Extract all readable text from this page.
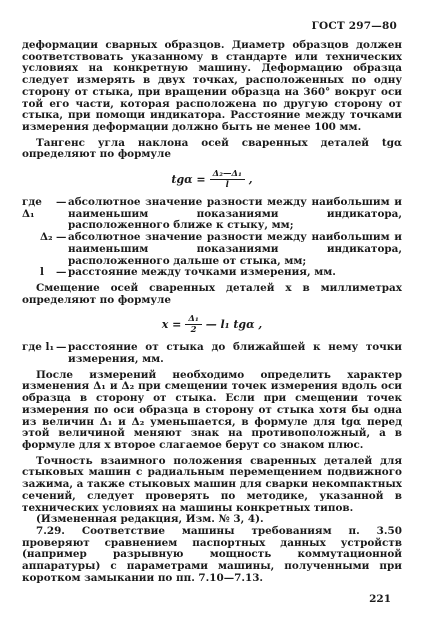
ГОСТ 297—80

деформации сварных образцов. Диаметр образцов должен соответствовать указанному в стандарте или технических условиях на конкретную машину. Деформацию образца следует измерять в двух точках, расположенных по одну сторону от стыка, при вращении образца на 360° вокруг оси той его части, которая расположена по другую сторону от стыка, при помощи индикатора. Расстояние между точками измерения деформации должно быть не менее 100 мм.

Тангенс угла наклона осей сваренных деталей tgα определяют по формуле

$tg\alpha = \frac{\text{Δ₂—Δ₁}}{l}$ ,
где Δ₁
— абсолютное значение разности между наибольшим и наименьшим показаниями индикатора, расположенного ближе к стыку, мм;
Δ₂ — абсолютное значение разности между наибольшим и наименьшим показаниями индикатора, расположенного дальше от стыка, мм;
l	— расстояние между точками измерения, мм.

Смещение осей сваренных деталей x в миллиметрах определяют по формуле

$x = \frac{\text{Δ₁}}{2}$ — l₁ tgα ,
где l₁ — расстояние от стыка до ближайшей к нему точки измерения, мм.

После измерений необходимо определить характер изменения Δ₁ и Δ₂ при смещении точек измерения вдоль оси образца в сторону от стыка. Если при смещении точек измерения по оси образца в сторону от стыка хотя бы одна из величин Δ₁ и Δ₂ уменьшается, в формуле для tgα перед этой величиной меняют знак на противоположный, а в формуле для x второе слагаемое берут со знаком плюс.

Точность взаимного положения сваренных деталей для стыковых машин с радиальным перемещением подвижного зажима, а также стыковых машин для сварки некомпактных сечений, следует проверять по методике, указанной в технических условиях на машины конкретных типов.

(Измененная редакция, Изм. № 3, 4).

7.29. Соответствие машины требованиям п. 3.50 проверяют сравнением паспортных данных устройств (например разрывную мощность коммутационной аппаратуры) с параметрами машины, полученными при коротком замыкании по пп. 7.10—7.13.

221
